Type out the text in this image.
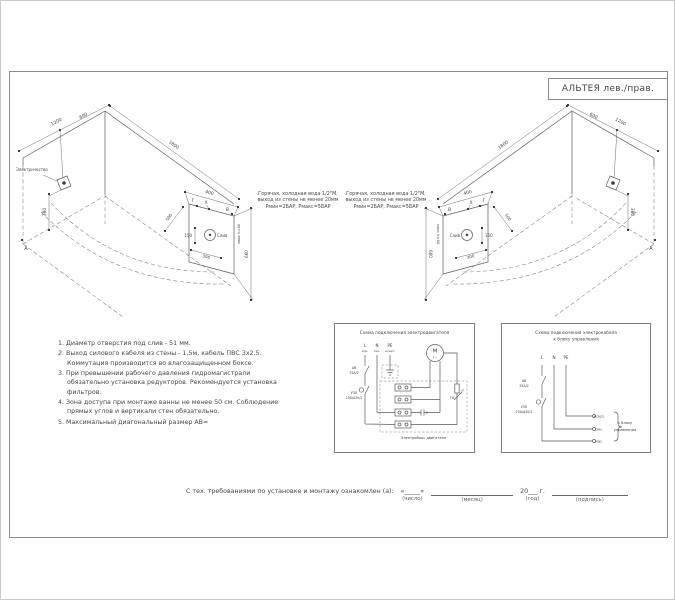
АЛЬТЕЯ лев./прав.
1200
600
1800
Электричество
380
А
400
Г X
В
макс h=40
Слив
150
300	660
500
1800
1200
600
380
А
400
Г
X
В
макс h=40 Слив	150
300
660
500
Горячая, холодная вода 1/2"М,
выход из стены не менее 20мм
Рмин=2БАР, Рмакс=5БАР
Горячая, холодная вода 1/2"М,
выход из стены не менее 20мм
Рмин=2БАР, Рмакс=5БАР
1. Диаметр отверстия под слив - 51 мм.
2. Выход силового кабеля из стены - 1,5м, кабель ПВС 3х2,5. Коммутация производится во влагозащищенном боксе.
3. При превышении рабочего давления гидромагистрали обязательно установка редукторов. Рекомендуется установка фильтров.
4. Зона доступа при монтаже ванны не менее 50 см. Соблюдение прямых углов и вертикали стен обязательно.
5. Максимальный диагональный размер АВ=
Схема подключения электродвигателя
L
кор.
N
син.
PE
ж/зел.
АВ
25А/2
УЗО
25А/Δ30/2
М
1~
FU
t°
С
Электробокс двигателя
Схема подключения электрокабеля
к блоку управления
L N PE
АВ
25А/2
УЗО
25А/Δ30/2
ж/зел.
син.
кор.
к блоку
управления
С тех. требованиями по установке и монтажу ознакомлен (а): «_____»
(число)	(месяц)
20___ г.
(год)	(подпись)
